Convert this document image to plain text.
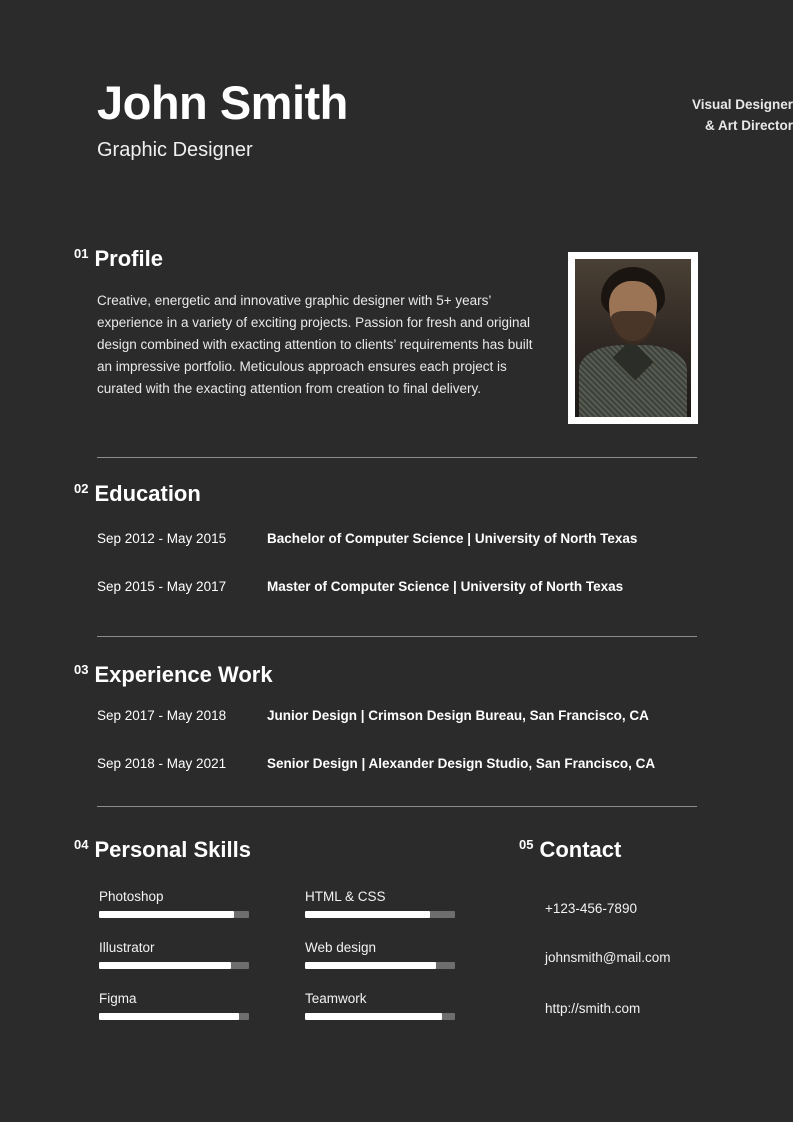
John Smith
Graphic Designer
Visual Designer
& Art Director
01 Profile
Creative, energetic and innovative graphic designer with 5+ years’ experience in a variety of exciting projects. Passion for fresh and original design combined with exacting attention to clients’ requirements has built an impressive portfolio. Meticulous approach ensures each project is curated with the exacting attention from creation to final delivery.
02 Education
Sep 2012 - May 2015	Bachelor of Computer Science | University of North Texas
Sep 2015 - May 2017	Master of Computer Science | University of North Texas
03 Experience Work
Sep 2017 - May 2018	Junior Design | Crimson Design Bureau, San Francisco, CA
Sep 2018 - May 2021	Senior Design | Alexander Design Studio, San Francisco, CA
04 Personal Skills	05 Contact
Photoshop
Illustrator
Figma
HTML & CSS
Web design
Teamwork
+123-456-7890
johnsmith@mail.com
http://smith.com
